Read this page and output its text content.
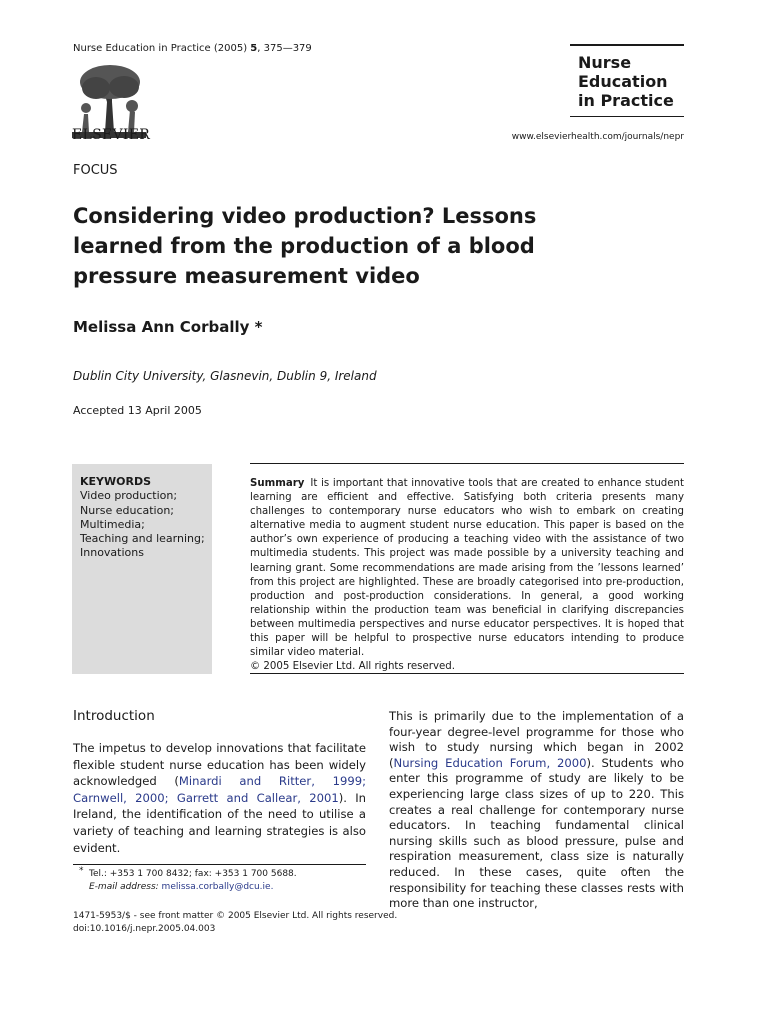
Nurse Education in Practice (2005) 5, 375—379
ELSEVIER
Nurse
Education
in Practice
www.elsevierhealth.com/journals/nepr
FOCUS
Considering video production? Lessons learned from the production of a blood pressure measurement video
Melissa Ann Corbally *
Dublin City University, Glasnevin, Dublin 9, Ireland
Accepted 13 April 2005
KEYWORDS
Video production;
Nurse education;
Multimedia;
Teaching and learning;
Innovations
Summary It is important that innovative tools that are created to enhance student learning are efficient and effective. Satisfying both criteria presents many challenges to contemporary nurse educators who wish to embark on creating alternative media to augment student nurse education. This paper is based on the author’s own experience of producing a teaching video with the assistance of two multimedia students. This project was made possible by a university teaching and learning grant. Some recommendations are made arising from the ’lessons learned’ from this project are highlighted. These are broadly categorised into pre-production, production and post-production considerations. In general, a good working relationship within the production team was beneficial in clarifying discrepancies between multimedia perspectives and nurse educator perspectives. It is hoped that this paper will be helpful to prospective nurse educators intending to produce similar video material.
© 2005 Elsevier Ltd. All rights reserved.
Introduction
The impetus to develop innovations that facilitate flexible student nurse education has been widely acknowledged (Minardi and Ritter, 1999; Carnwell, 2000; Garrett and Callear, 2001). In Ireland, the identification of the need to utilise a variety of teaching and learning strategies is also evident.
This is primarily due to the implementation of a four-year degree-level programme for those who wish to study nursing which began in 2002 (Nursing Education Forum, 2000). Students who enter this programme of study are likely to be experiencing large class sizes of up to 220. This creates a real challenge for contemporary nurse educators. In teaching fundamental clinical nursing skills such as blood pressure, pulse and respiration measurement, class size is naturally reduced. In these cases, quite often the responsibility for teaching these classes rests with more than one instructor,
* Tel.: +353 1 700 8432; fax: +353 1 700 5688.
E-mail address: melissa.corbally@dcu.ie.
1471-5953/$ - see front matter © 2005 Elsevier Ltd. All rights reserved.
doi:10.1016/j.nepr.2005.04.003
